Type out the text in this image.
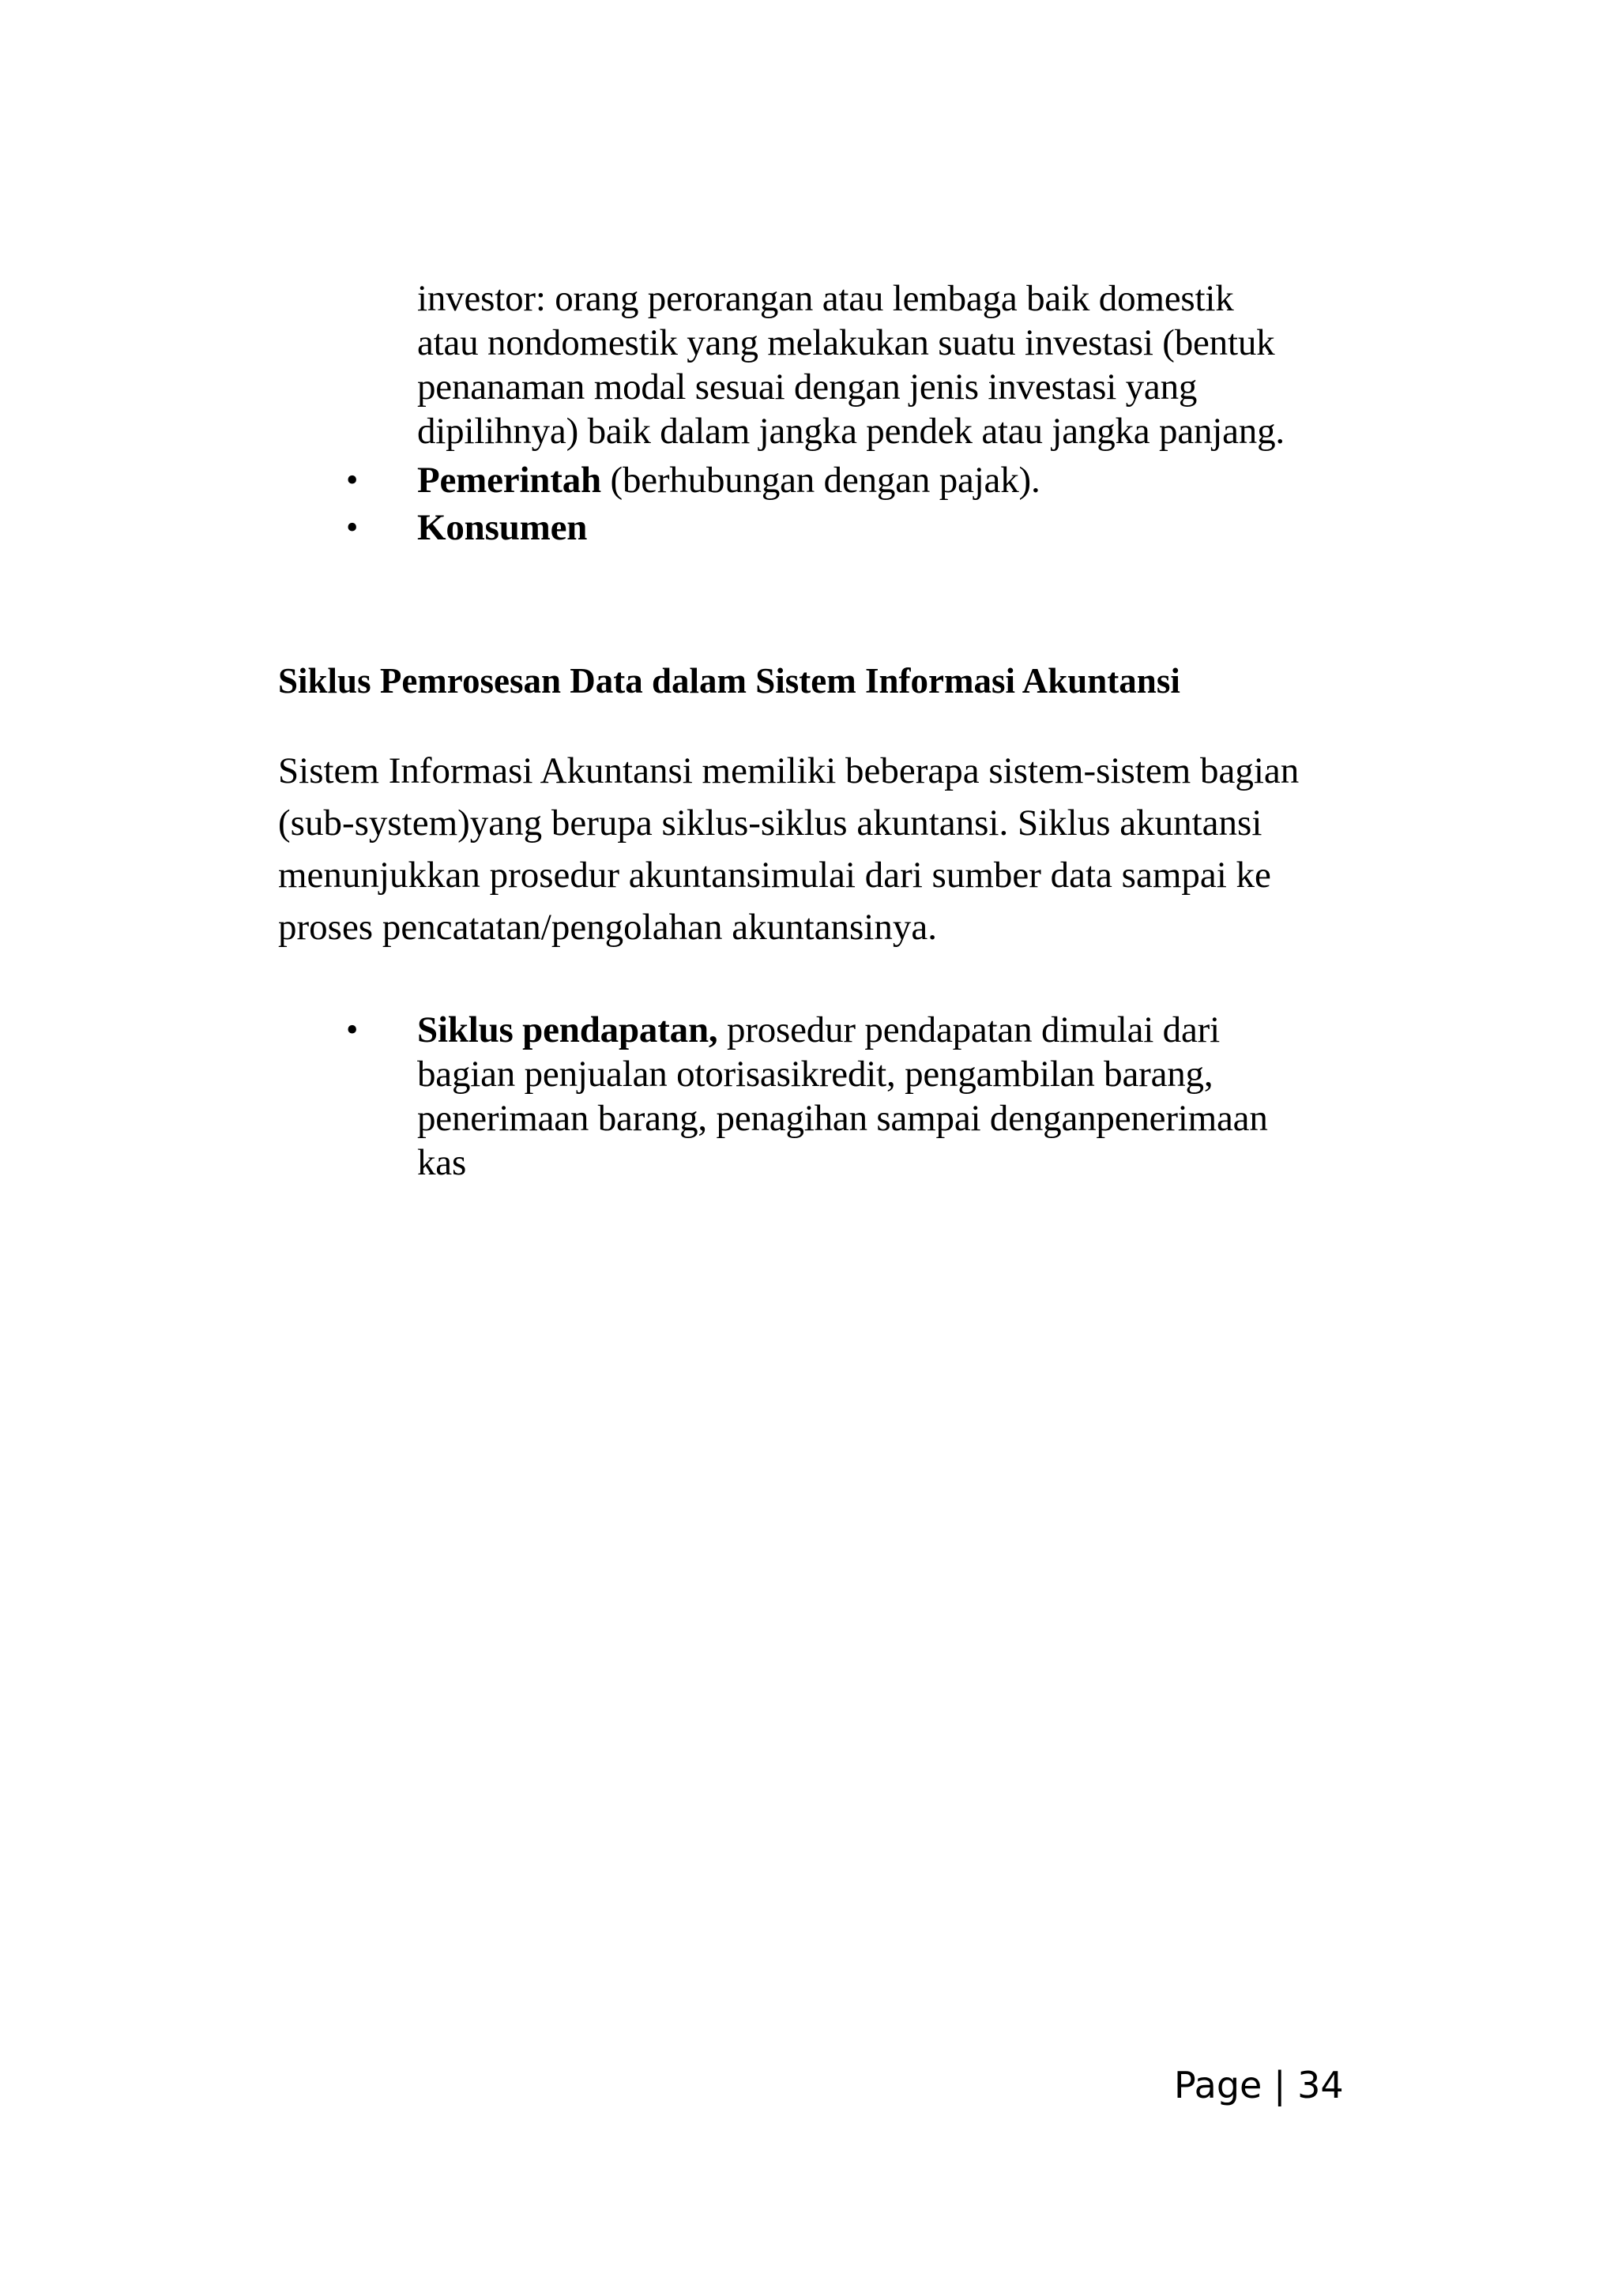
investor: orang perorangan atau lembaga baik domestik
atau nondomestik yang melakukan suatu investasi (bentuk
penanaman modal sesuai dengan jenis investasi yang
dipilihnya) baik dalam jangka pendek atau jangka panjang.
• Pemerintah (berhubungan dengan pajak).
• Konsumen
Siklus Pemrosesan Data dalam Sistem Informasi Akuntansi
Sistem Informasi Akuntansi memiliki beberapa sistem-sistem bagian
(sub-system)yang berupa siklus-siklus akuntansi. Siklus akuntansi
menunjukkan prosedur akuntansimulai dari sumber data sampai ke
proses pencatatan/pengolahan akuntansinya.
• Siklus pendapatan, prosedur pendapatan dimulai dari
bagian penjualan otorisasikredit, pengambilan barang,
penerimaan barang, penagihan sampai denganpenerimaan
kas
Page | 34
